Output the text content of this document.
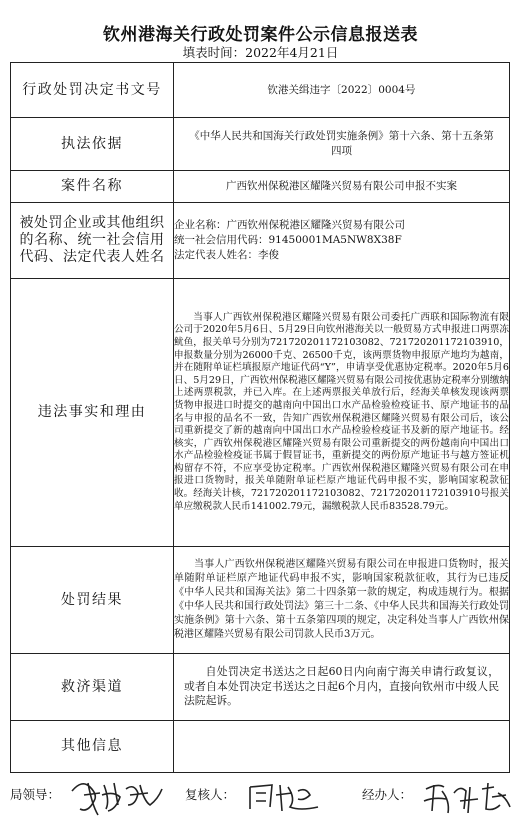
钦州港海关行政处罚案件公示信息报送表
填表时间：2022年4月21日
行政处罚决定书文号	钦港关缉违字〔2022〕0004号
执法依据	《中华人民共和国海关行政处罚实施条例》第十六条、第十五条第四项
案件名称	广西钦州保税港区耀隆兴贸易有限公司申报不实案
被处罚企业或其他组织的名称、统一社会信用代码、法定代表人姓名	企业名称：广西钦州保税港区耀隆兴贸易有限公司
统一社会信用代码：91450001MA5NW8X38F
法定代表人姓名：李俊

违法事实和理由	当事人广西钦州保税港区耀隆兴贸易有限公司委托广西联和国际物流有限公司于2020年5月6日、5月29日向钦州港海关以一般贸易方式申报进口两票冻鱿鱼，报关单号分别为721720201172103082、721720201172103910，申报数量分别为26000千克、26500千克，该两票货物申报原产地均为越南，并在随附单证栏填报原产地证代码“Y”，申请享受优惠协定税率。2020年5月6日、5月29日，广西钦州保税港区耀隆兴贸易有限公司按优惠协定税率分别缴纳上述两票税款，并已入库。在上述两票报关单放行后，经海关单核发现该两票货物申报进口时提交的越南向中国出口水产品检验检疫证书、原产地证书的品名与申报的品名不一致，告知广西钦州保税港区耀隆兴贸易有限公司后，该公司重新提交了新的越南向中国出口水产品检验检疫证书及新的原产地证书。经核实，广西钦州保税港区耀隆兴贸易有限公司重新提交的两份越南向中国出口水产品检验检疫证书属于假冒证书，重新提交的两份原产地证书与越方签证机构留存不符，不应享受协定税率。广西钦州保税港区耀隆兴贸易有限公司在申报进口货物时，报关单随附单证栏原产地证代码申报不实，影响国家税款征收。经海关计核，721720201172103082、721720201172103910号报关单应缴税款人民币141002.79元，漏缴税款人民币83528.79元。

处罚结果	当事人广西钦州保税港区耀隆兴贸易有限公司在申报进口货物时，报关单随附单证栏原产地证代码申报不实，影响国家税款征收，其行为已违反《中华人民共和国海关法》第二十四条第一款的规定，构成违规行为。根据《中华人民共和国行政处罚法》第三十二条、《中华人民共和国海关行政处罚实施条例》第十六条、第十五条第四项的规定，决定科处当事人广西钦州保税港区耀隆兴贸易有限公司罚款人民币3万元。

救济渠道	自处罚决定书送达之日起60日内向南宁海关申请行政复议，或者自本处罚决定书送达之日起6个月内，直接向钦州市中级人民法院起诉。

其他信息	
局领导：	复核人：	经办人：
